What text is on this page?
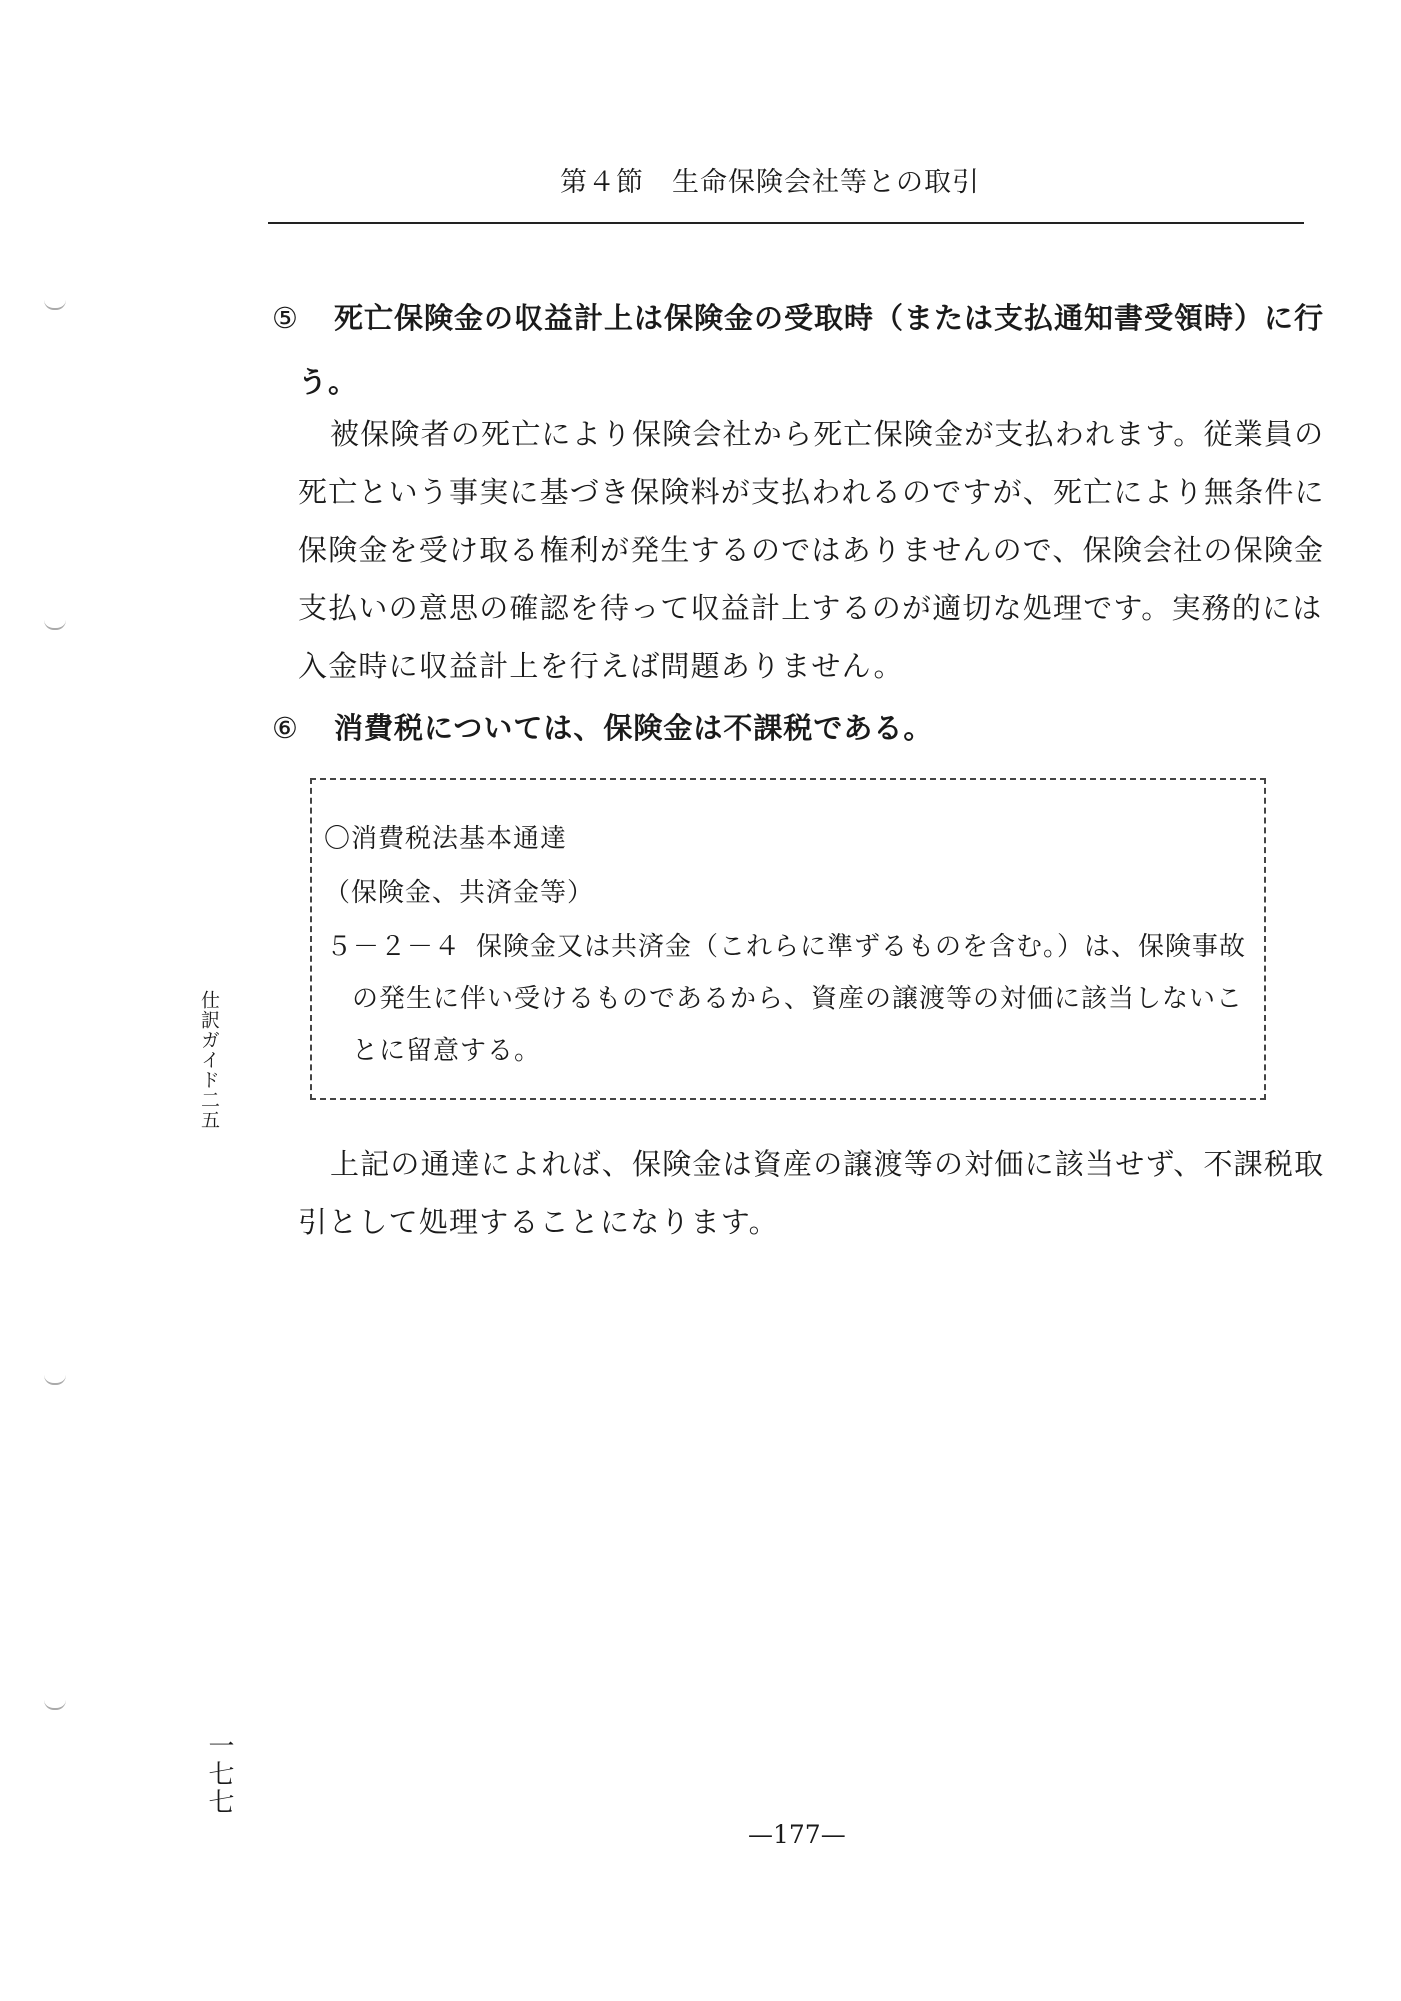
第４節　生命保険会社等との取引
⑤ 死亡保険金の収益計上は保険金の受取時（または支払通知書受領時）に行
う。
被保険者の死亡により保険会社から死亡保険金が支払われます。従業員の
死亡という事実に基づき保険料が支払われるのですが、死亡により無条件に
保険金を受け取る権利が発生するのではありませんので、保険会社の保険金
支払いの意思の確認を待って収益計上するのが適切な処理です。実務的には
入金時に収益計上を行えば問題ありません。
⑥ 消費税については、保険金は不課税である。
〇消費税法基本通達
（保険金、共済金等）
５－２－４ 保険金又は共済金（これらに準ずるものを含む。）は、保険事故
の発生に伴い受けるものであるから、資産の譲渡等の対価に該当しないこ
とに留意する。
上記の通達によれば、保険金は資産の譲渡等の対価に該当せず、不課税取
引として処理することになります。
仕訳ガイド二五
一七七
—177—
